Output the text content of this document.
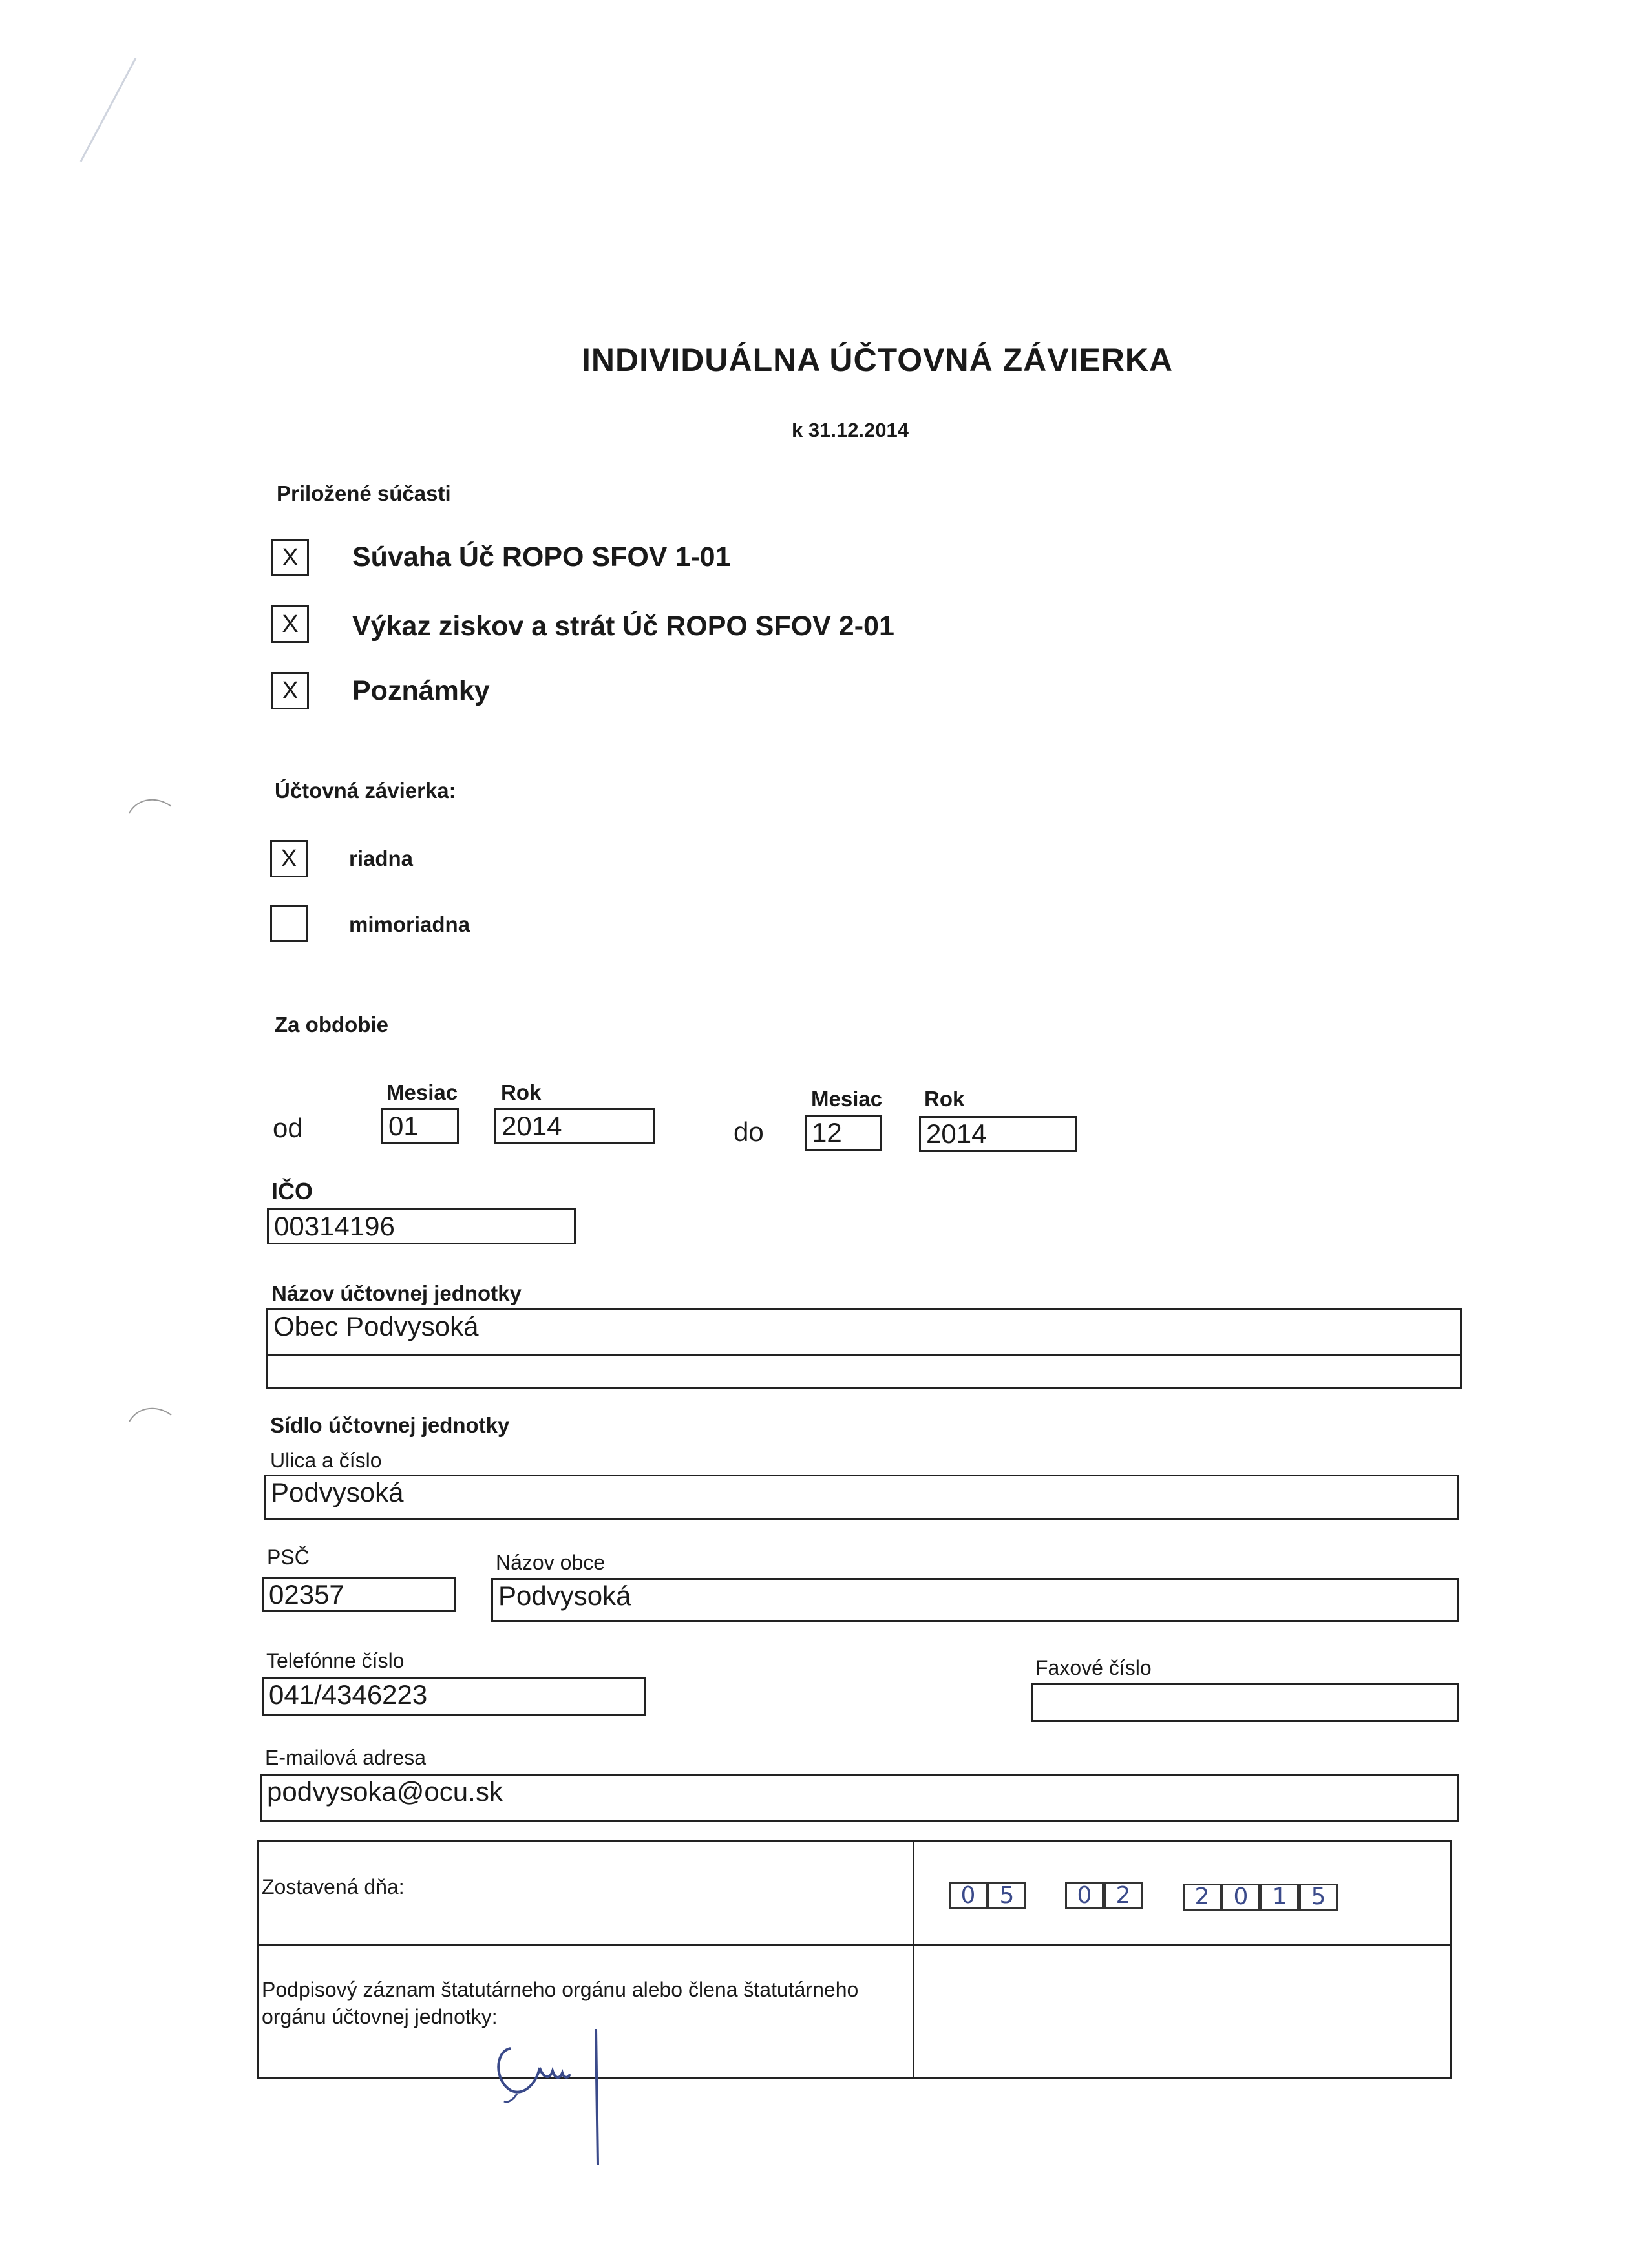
INDIVIDUÁLNA ÚČTOVNÁ ZÁVIERKA
k 31.12.2014
Priložené súčasti
X	Súvaha Úč ROPO SFOV 1-01
X	Výkaz ziskov a strát Úč ROPO SFOV 2-01
X	Poznámky
Účtovná závierka:
X	riadna
mimoriadna
Za obdobie
Mesiac Rok
od	01	2014
Mesiac Rok
do 12	2014
IČO
00314196
Názov účtovnej jednotky
Obec Podvysoká
Sídlo účtovnej jednotky
Ulica a číslo
Podvysoká
PSČ
02357
Názov obce
Podvysoká
Telefónne číslo
041/4346223
Faxové číslo
E-mailová adresa
podvysoka@ocu.sk
Zostavená dňa:	0	5	0	2	2	0	1	5
Podpisový záznam štatutárneho orgánu alebo člena štatutárneho orgánu účtovnej jednotky:
